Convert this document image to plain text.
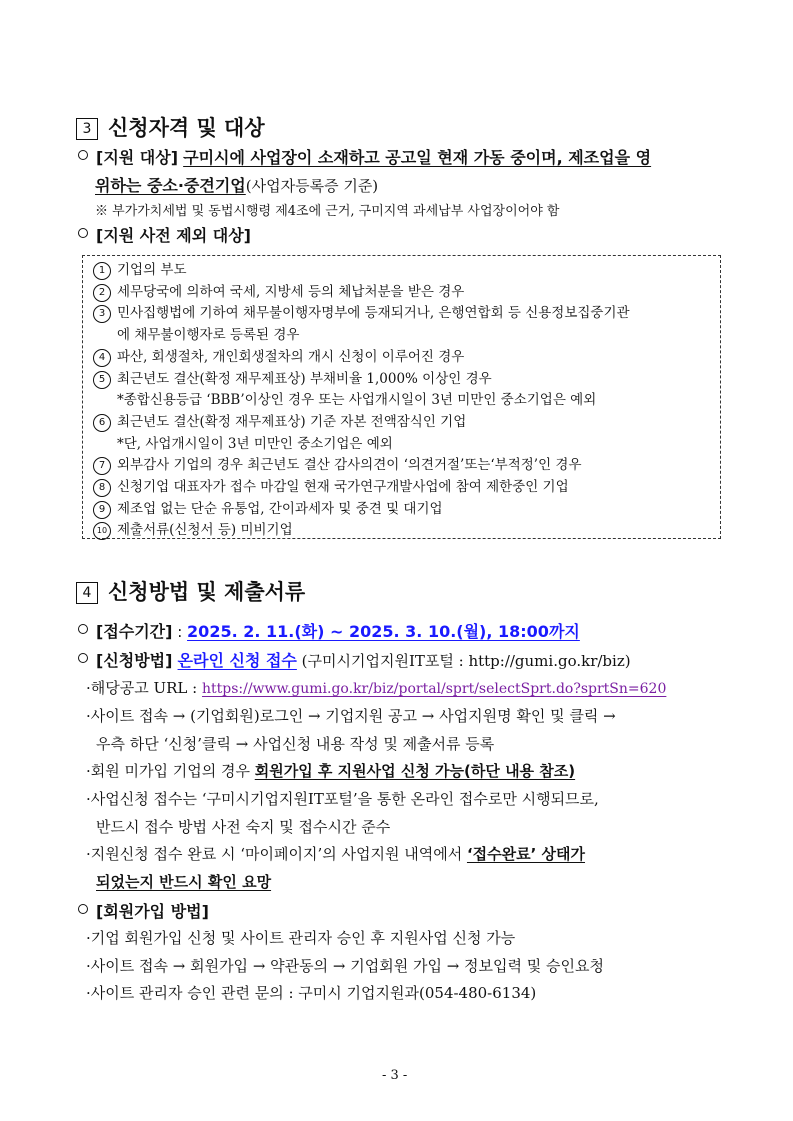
3 신청자격 및 대상
[지원 대상] 구미시에 사업장이 소재하고 공고일 현재 가동 중이며, 제조업을 영
위하는 중소·중견기업(사업자등록증 기준)
※ 부가가치세법 및 동법시행령 제4조에 근거, 구미지역 과세납부 사업장이어야 함
[지원 사전 제외 대상]
1 기업의 부도
2 세무당국에 의하여 국세, 지방세 등의 체납처분을 받은 경우
3 민사집행법에 기하여 채무불이행자명부에 등재되거나, 은행연합회 등 신용정보집중기관
에 채무불이행자로 등록된 경우
4 파산, 회생절차, 개인회생절차의 개시 신청이 이루어진 경우
5 최근년도 결산(확정 재무제표상) 부채비율 1,000% 이상인 경우
*종합신용등급 ‘BBB’이상인 경우 또는 사업개시일이 3년 미만인 중소기업은 예외
6 최근년도 결산(확정 재무제표상) 기준 자본 전액잠식인 기업
*단, 사업개시일이 3년 미만인 중소기업은 예외
7 외부감사 기업의 경우 최근년도 결산 감사의견이 ‘의견거절’또는‘부적정’인 경우
8 신청기업 대표자가 접수 마감일 현재 국가연구개발사업에 참여 제한중인 기업
9 제조업 없는 단순 유통업, 간이과세자 및 중견 및 대기업
10 제출서류(신청서 등) 미비기업
4 신청방법 및 제출서류
[접수기간] : 2025. 2. 11.(화) ~ 2025. 3. 10.(월), 18:00까지
[신청방법] 온라인 신청 접수 (구미시기업지원IT포털 : http://gumi.go.kr/biz)
·해당공고 URL : https://www.gumi.go.kr/biz/portal/sprt/selectSprt.do?sprtSn=620
·사이트 접속 → (기업회원)로그인 → 기업지원 공고 → 사업지원명 확인 및 클릭 →
우측 하단 ‘신청’클릭 → 사업신청 내용 작성 및 제출서류 등록
·회원 미가입 기업의 경우 회원가입 후 지원사업 신청 가능(하단 내용 참조)
·사업신청 접수는 ‘구미시기업지원IT포털’을 통한 온라인 접수로만 시행되므로,
반드시 접수 방법 사전 숙지 및 접수시간 준수
·지원신청 접수 완료 시 ‘마이페이지’의 사업지원 내역에서 ‘접수완료’ 상태가
되었는지 반드시 확인 요망
[회원가입 방법]
·기업 회원가입 신청 및 사이트 관리자 승인 후 지원사업 신청 가능
·사이트 접속 → 회원가입 → 약관동의 → 기업회원 가입 → 정보입력 및 승인요청
·사이트 관리자 승인 관련 문의 : 구미시 기업지원과(054-480-6134)
- 3 -
